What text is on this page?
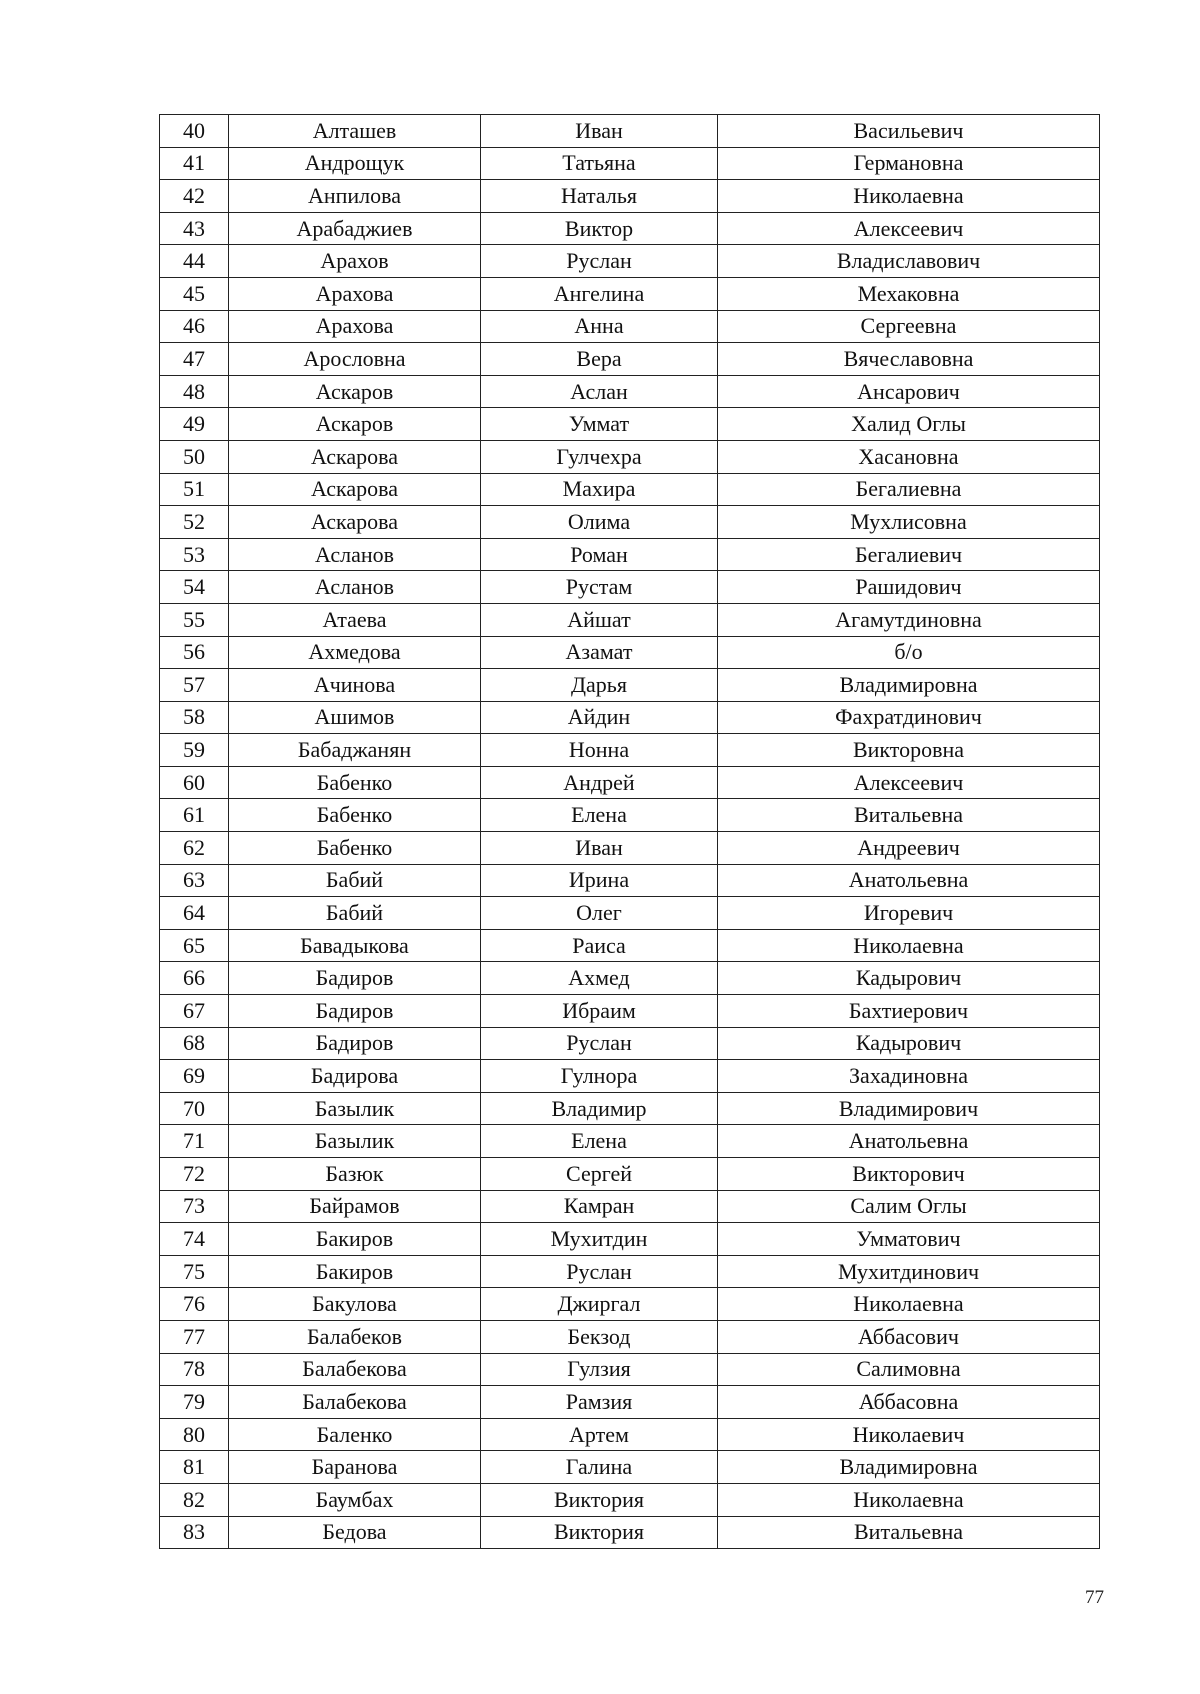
40	Алташев	Иван	Васильевич
41	Андрощук	Татьяна	Германовна
42	Анпилова	Наталья	Николаевна
43	Арабаджиев	Виктор	Алексеевич
44	Арахов	Руслан	Владиславович
45	Арахова	Ангелина	Мехаковна
46	Арахова	Анна	Сергеевна
47	Арословна	Вера	Вячеславовна
48	Аскаров	Аслан	Ансарович
49	Аскаров	Уммат	Халид Оглы
50	Аскарова	Гулчехра	Хасановна
51	Аскарова	Махира	Бегалиевна
52	Аскарова	Олима	Мухлисовна
53	Асланов	Роман	Бегалиевич
54	Асланов	Рустам	Рашидович
55	Атаева	Айшат	Агамутдиновна
56	Ахмедова	Азамат	б/о
57	Ачинова	Дарья	Владимировна
58	Ашимов	Айдин	Фахратдинович
59	Бабаджанян	Нонна	Викторовна
60	Бабенко	Андрей	Алексеевич
61	Бабенко	Елена	Витальевна
62	Бабенко	Иван	Андреевич
63	Бабий	Ирина	Анатольевна
64	Бабий	Олег	Игоревич
65	Бавадыкова	Раиса	Николаевна
66	Бадиров	Ахмед	Кадырович
67	Бадиров	Ибраим	Бахтиерович
68	Бадиров	Руслан	Кадырович
69	Бадирова	Гулнора	Захадиновна
70	Базылик	Владимир	Владимирович
71	Базылик	Елена	Анатольевна
72	Базюк	Сергей	Викторович
73	Байрамов	Камран	Салим Оглы
74	Бакиров	Мухитдин	Умматович
75	Бакиров	Руслан	Мухитдинович
76	Бакулова	Джиргал	Николаевна
77	Балабеков	Бекзод	Аббасович
78	Балабекова	Гулзия	Салимовна
79	Балабекова	Рамзия	Аббасовна
80	Баленко	Артем	Николаевич
81	Баранова	Галина	Владимировна
82	Баумбах	Виктория	Николаевна
83	Бедова	Виктория	Витальевна
77
